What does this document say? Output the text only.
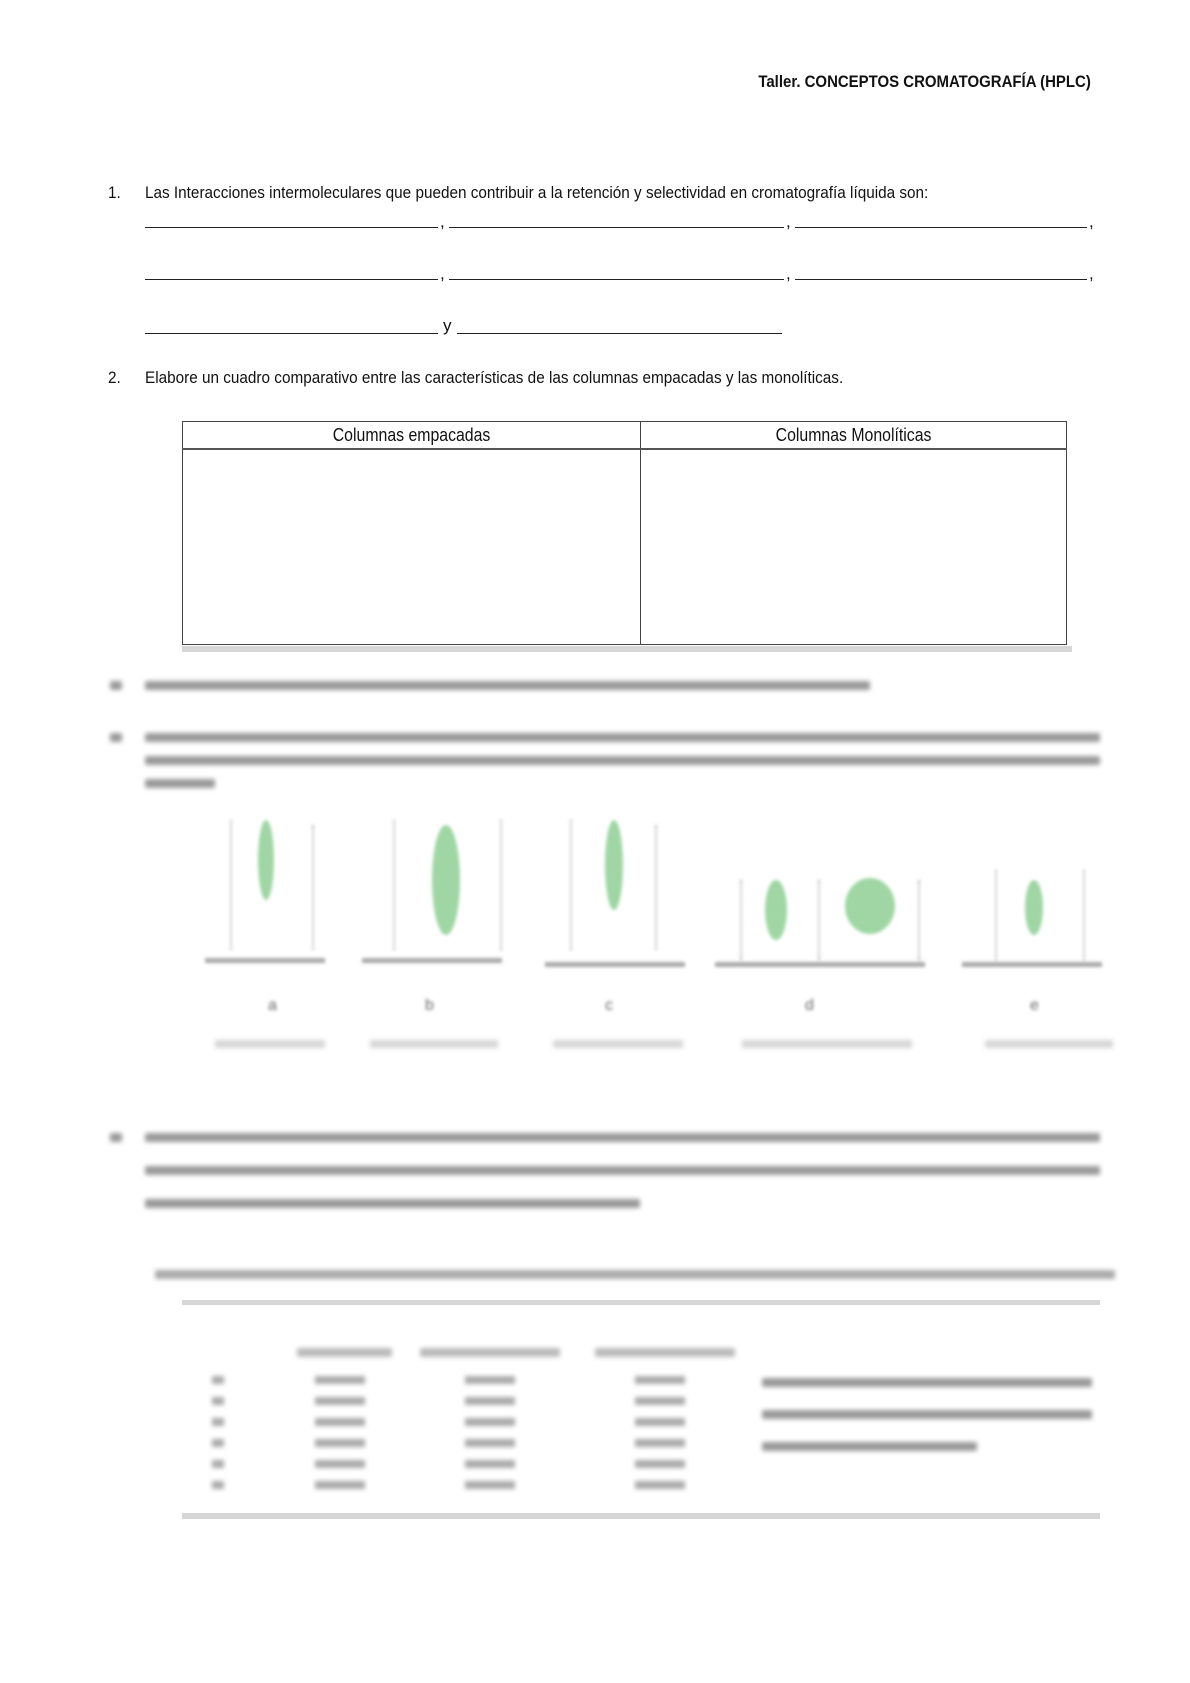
Taller. CONCEPTOS CROMATOGRAFÍA (HPLC)
1. Las Interacciones intermoleculares que pueden contribuir a la retención y selectividad en cromatografía líquida son:
,	,	,
,	,	,
y
2. Elabore un cuadro comparativo entre las características de las columnas empacadas y las monolíticas.
Columnas empacadas	Columnas Monolíticas

a	b	c	d	e
